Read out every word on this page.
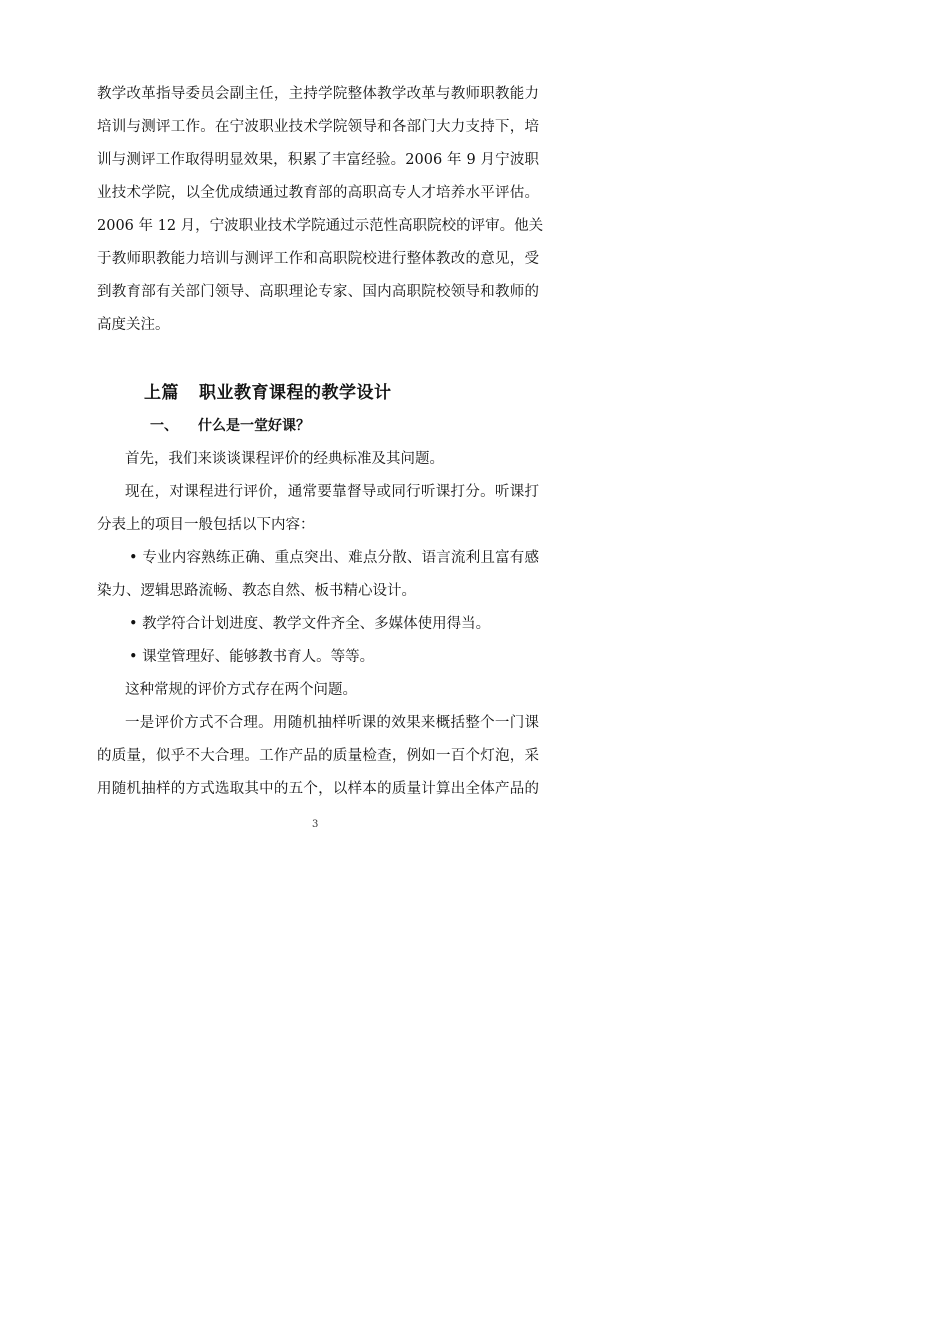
教学改革指导委员会副主任，主持学院整体教学改革与教师职教能力
培训与测评工作。在宁波职业技术学院领导和各部门大力支持下，培
训与测评工作取得明显效果，积累了丰富经验。2006 年 9 月宁波职
业技术学院，以全优成绩通过教育部的高职高专人才培养水平评估。
2006 年 12 月，宁波职业技术学院通过示范性高职院校的评审。他关
于教师职教能力培训与测评工作和高职院校进行整体教改的意见，受
到教育部有关部门领导、高职理论专家、国内高职院校领导和教师的
高度关注。
上篇 职业教育课程的教学设计
一、 什么是一堂好课？
首先，我们来谈谈课程评价的经典标准及其问题。
现在，对课程进行评价，通常要靠督导或同行听课打分。听课打
分表上的项目一般包括以下内容：
• 专业内容熟练正确、重点突出、难点分散、语言流利且富有感
染力、逻辑思路流畅、教态自然、板书精心设计。
• 教学符合计划进度、教学文件齐全、多媒体使用得当。
• 课堂管理好、能够教书育人。等等。
这种常规的评价方式存在两个问题。
一是评价方式不合理。用随机抽样听课的效果来概括整个一门课
的质量，似乎不大合理。工作产品的质量检查，例如一百个灯泡，采
用随机抽样的方式选取其中的五个，以样本的质量计算出全体产品的
3
